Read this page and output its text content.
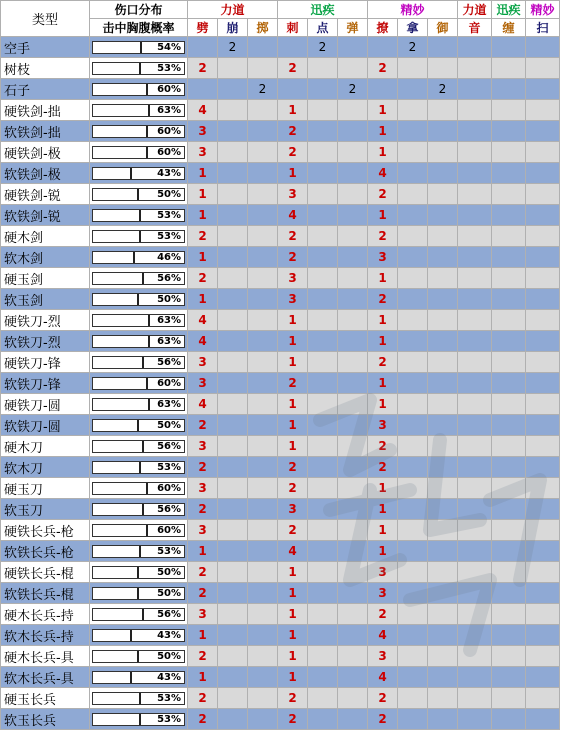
类型	伤口分布	力道			迅疾			精妙			力道	迅疾	精妙
	击中胸腹概率	劈	崩	掷	刺	点	弹	撩	拿	御	音	缠	扫
空手	54%		2			2			2				
树枝	53%	2			2			2					
石子	60%			2			2			2			
硬铁剑-拙	63%	4			1			1					
软铁剑-拙	60%	3			2			1					
硬铁剑-极	60%	3			2			1					
软铁剑-极	43%	1			1			4					
硬铁剑-锐	50%	1			3			2					
软铁剑-锐	53%	1			4			1					
硬木剑	53%	2			2			2					
软木剑	46%	1			2			3					
硬玉剑	56%	2			3			1					
软玉剑	50%	1			3			2					
硬铁刀-烈	63%	4			1			1					
软铁刀-烈	63%	4			1			1					
硬铁刀-锋	56%	3			1			2					
软铁刀-锋	60%	3			2			1					
硬铁刀-圆	63%	4			1			1					
软铁刀-圆	50%	2			1			3					
硬木刀	56%	3			1			2					
软木刀	53%	2			2			2					
硬玉刀	60%	3			2			1					
软玉刀	56%	2			3			1					
硬铁长兵-枪	60%	3			2			1					
软铁长兵-枪	53%	1			4			1					
硬铁长兵-棍	50%	2			1			3					
软铁长兵-棍	50%	2			1			3					
硬木长兵-持	56%	3			1			2					
软木长兵-持	43%	1			1			4					
硬木长兵-具	50%	2			1			3					
软木长兵-具	43%	1			1			4					
硬玉长兵	53%	2			2			2					
软玉长兵	53%	2			2			2					
